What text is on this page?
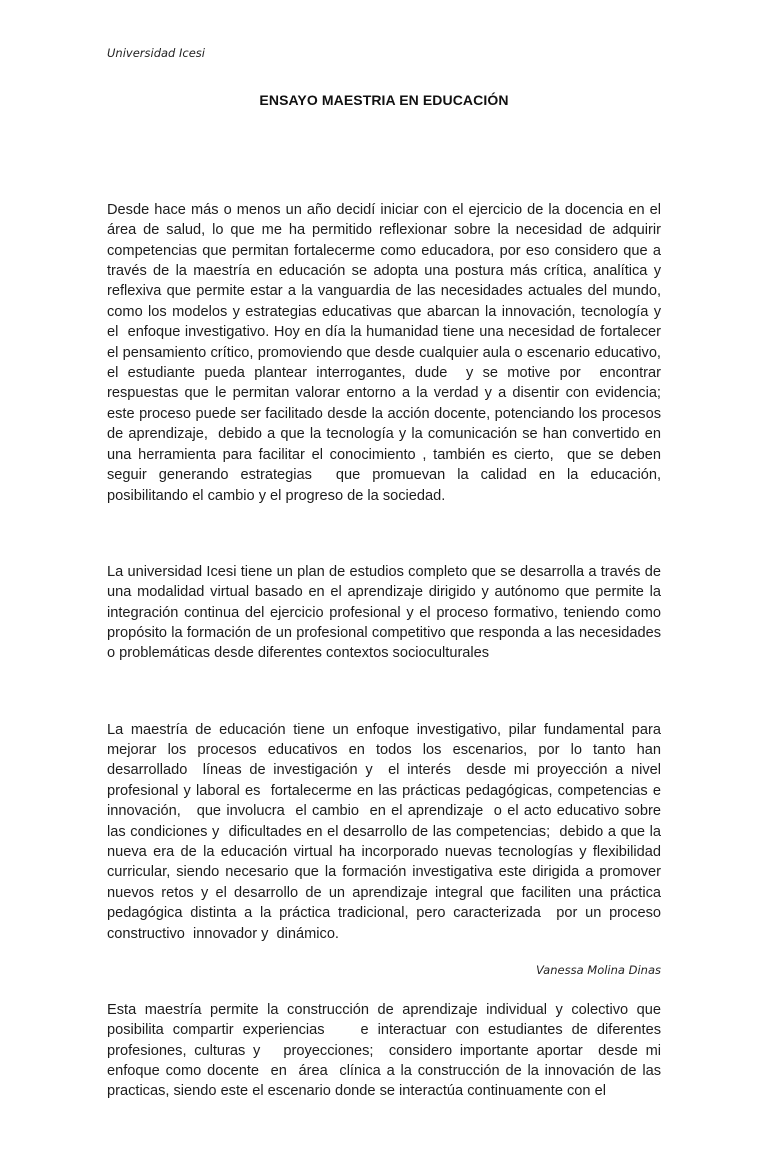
Universidad Icesi
ENSAYO MAESTRIA EN EDUCACIÓN

Desde hace más o menos un año decidí iniciar con el ejercicio de la docencia en el área de salud, lo que me ha permitido reflexionar sobre la necesidad de adquirir competencias que permitan fortalecerme como educadora, por eso considero que a través de la maestría en educación se adopta una postura más crítica, analítica y reflexiva que permite estar a la vanguardia de las necesidades actuales del mundo,  como los modelos y estrategias educativas que abarcan la innovación, tecnología y el  enfoque investigativo. Hoy en día la humanidad tiene una necesidad de fortalecer el pensamiento crítico, promoviendo que desde cualquier aula o escenario educativo, el estudiante pueda plantear interrogantes, dude  y se motive por  encontrar respuestas que le permitan valorar entorno a la verdad y a disentir con evidencia; este proceso puede ser facilitado desde la acción docente, potenciando los procesos de aprendizaje,  debido a que la tecnología y la comunicación se han convertido en una herramienta para facilitar el conocimiento , también es cierto,  que se deben seguir generando estrategias  que promuevan la calidad en la educación, posibilitando el cambio y el progreso de la sociedad.

La universidad Icesi tiene un plan de estudios completo que se desarrolla a través de una modalidad virtual basado en el aprendizaje dirigido y autónomo que permite la integración continua del ejercicio profesional y el proceso formativo, teniendo como propósito la formación de un profesional competitivo que responda a las necesidades o problemáticas desde diferentes contextos socioculturales

La maestría de educación tiene un enfoque investigativo, pilar fundamental para mejorar los procesos educativos en todos los escenarios, por lo tanto han desarrollado  líneas de investigación y  el interés  desde mi proyección a nivel profesional y laboral es  fortalecerme en las prácticas pedagógicas, competencias e innovación,   que involucra  el cambio  en el aprendizaje  o el acto educativo sobre las condiciones y  dificultades en el desarrollo de las competencias;  debido a que la nueva era de la educación virtual ha incorporado nuevas tecnologías y flexibilidad curricular, siendo necesario que la formación investigativa este dirigida a promover  nuevos retos y el desarrollo de un aprendizaje integral que faciliten una práctica pedagógica distinta a la práctica tradicional, pero caracterizada  por un proceso constructivo  innovador y  dinámico.

Esta maestría permite la construcción de aprendizaje individual y colectivo que posibilita compartir experiencias    e interactuar con estudiantes de diferentes profesiones, culturas y   proyecciones;  considero importante aportar  desde mi enfoque como docente  en  área  clínica a la construcción de la innovación de las practicas, siendo este el escenario donde se interactúa continuamente con el

Vanessa Molina Dinas
